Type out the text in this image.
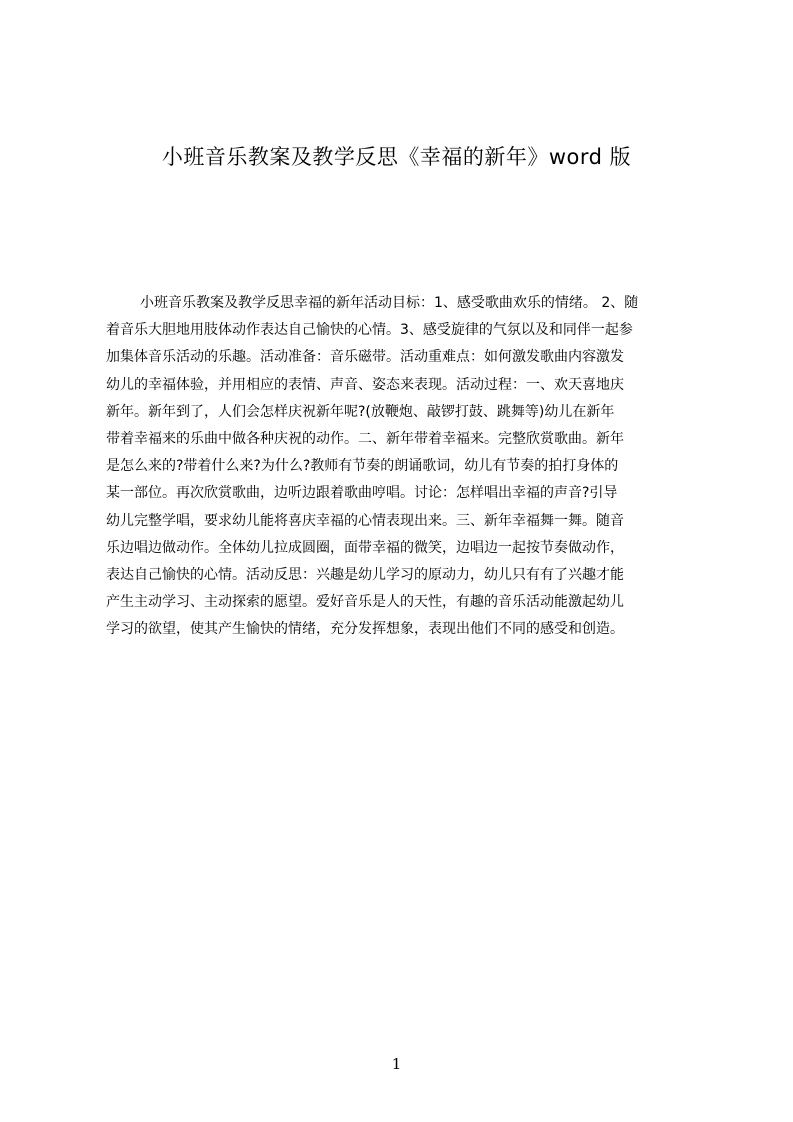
小班音乐教案及教学反思《幸福的新年》word 版
小班音乐教案及教学反思幸福的新年活动目标：1、感受歌曲欢乐的情绪。 2、随
着音乐大胆地用肢体动作表达自己愉快的心情。3、感受旋律的气氛以及和同伴一起参
加集体音乐活动的乐趣。活动准备：音乐磁带。活动重难点：如何激发歌曲内容激发
幼儿的幸福体验，并用相应的表情、声音、姿态来表现。活动过程：一、欢天喜地庆
新年。新年到了，人们会怎样庆祝新年呢?(放鞭炮、敲锣打鼓、跳舞等)幼儿在新年
带着幸福来的乐曲中做各种庆祝的动作。二、新年带着幸福来。完整欣赏歌曲。新年
是怎么来的?带着什么来?为什么?教师有节奏的朗诵歌词，幼儿有节奏的拍打身体的
某一部位。再次欣赏歌曲，边听边跟着歌曲哼唱。讨论：怎样唱出幸福的声音?引导
幼儿完整学唱，要求幼儿能将喜庆幸福的心情表现出来。三、新年幸福舞一舞。随音
乐边唱边做动作。全体幼儿拉成圆圈，面带幸福的微笑，边唱边一起按节奏做动作，
表达自己愉快的心情。活动反思：兴趣是幼儿学习的原动力，幼儿只有有了兴趣才能
产生主动学习、主动探索的愿望。爱好音乐是人的天性，有趣的音乐活动能激起幼儿
学习的欲望，使其产生愉快的情绪，充分发挥想象，表现出他们不同的感受和创造。
1
